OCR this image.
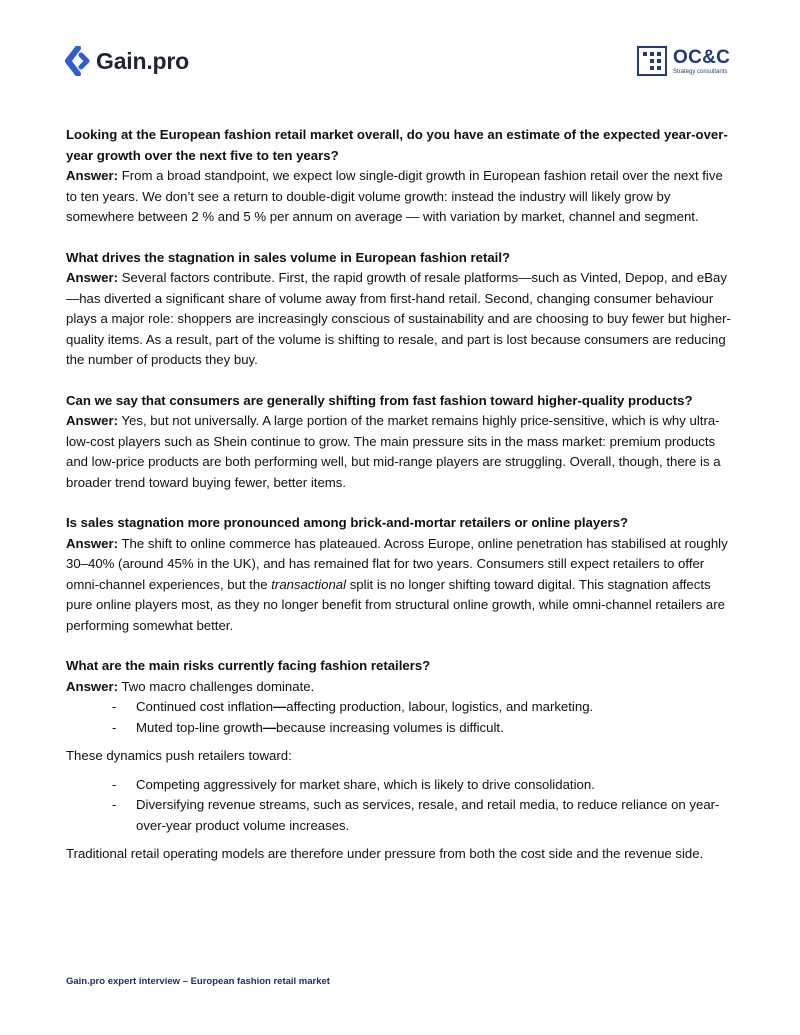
Gain.pro	OC&C
Strategy consultants

Looking at the European fashion retail market overall, do you have an estimate of the expected year-over-year growth over the next five to ten years?

Answer: From a broad standpoint, we expect low single-digit growth in European fashion retail over the next five to ten years. We don’t see a return to double-digit volume growth: instead the industry will likely grow by somewhere between 2 % and 5 % per annum on average — with variation by market, channel and segment.

What drives the stagnation in sales volume in European fashion retail?

Answer: Several factors contribute. First, the rapid growth of resale platforms—such as Vinted, Depop, and eBay—has diverted a significant share of volume away from first-hand retail. Second, changing consumer behaviour plays a major role: shoppers are increasingly conscious of sustainability and are choosing to buy fewer but higher-quality items. As a result, part of the volume is shifting to resale, and part is lost because consumers are reducing the number of products they buy.

Can we say that consumers are generally shifting from fast fashion toward higher-quality products?

Answer: Yes, but not universally. A large portion of the market remains highly price-sensitive, which is why ultra-low-cost players such as Shein continue to grow. The main pressure sits in the mass market: premium products and low-price products are both performing well, but mid-range players are struggling. Overall, though, there is a broader trend toward buying fewer, better items.

Is sales stagnation more pronounced among brick-and-mortar retailers or online players?

Answer: The shift to online commerce has plateaued. Across Europe, online penetration has stabilised at roughly 30–40% (around 45% in the UK), and has remained flat for two years. Consumers still expect retailers to offer omni-channel experiences, but the transactional split is no longer shifting toward digital. This stagnation affects pure online players most, as they no longer benefit from structural online growth, while omni-channel retailers are performing somewhat better.

What are the main risks currently facing fashion retailers?

Answer: Two macro challenges dominate.

- Continued cost inflation—affecting production, labour, logistics, and marketing.
- Muted top-line growth—because increasing volumes is difficult.

These dynamics push retailers toward:

- Competing aggressively for market share, which is likely to drive consolidation.
- Diversifying revenue streams, such as services, resale, and retail media, to reduce reliance on year-over-year product volume increases.

Traditional retail operating models are therefore under pressure from both the cost side and the revenue side.

Gain.pro expert interview – European fashion retail market
